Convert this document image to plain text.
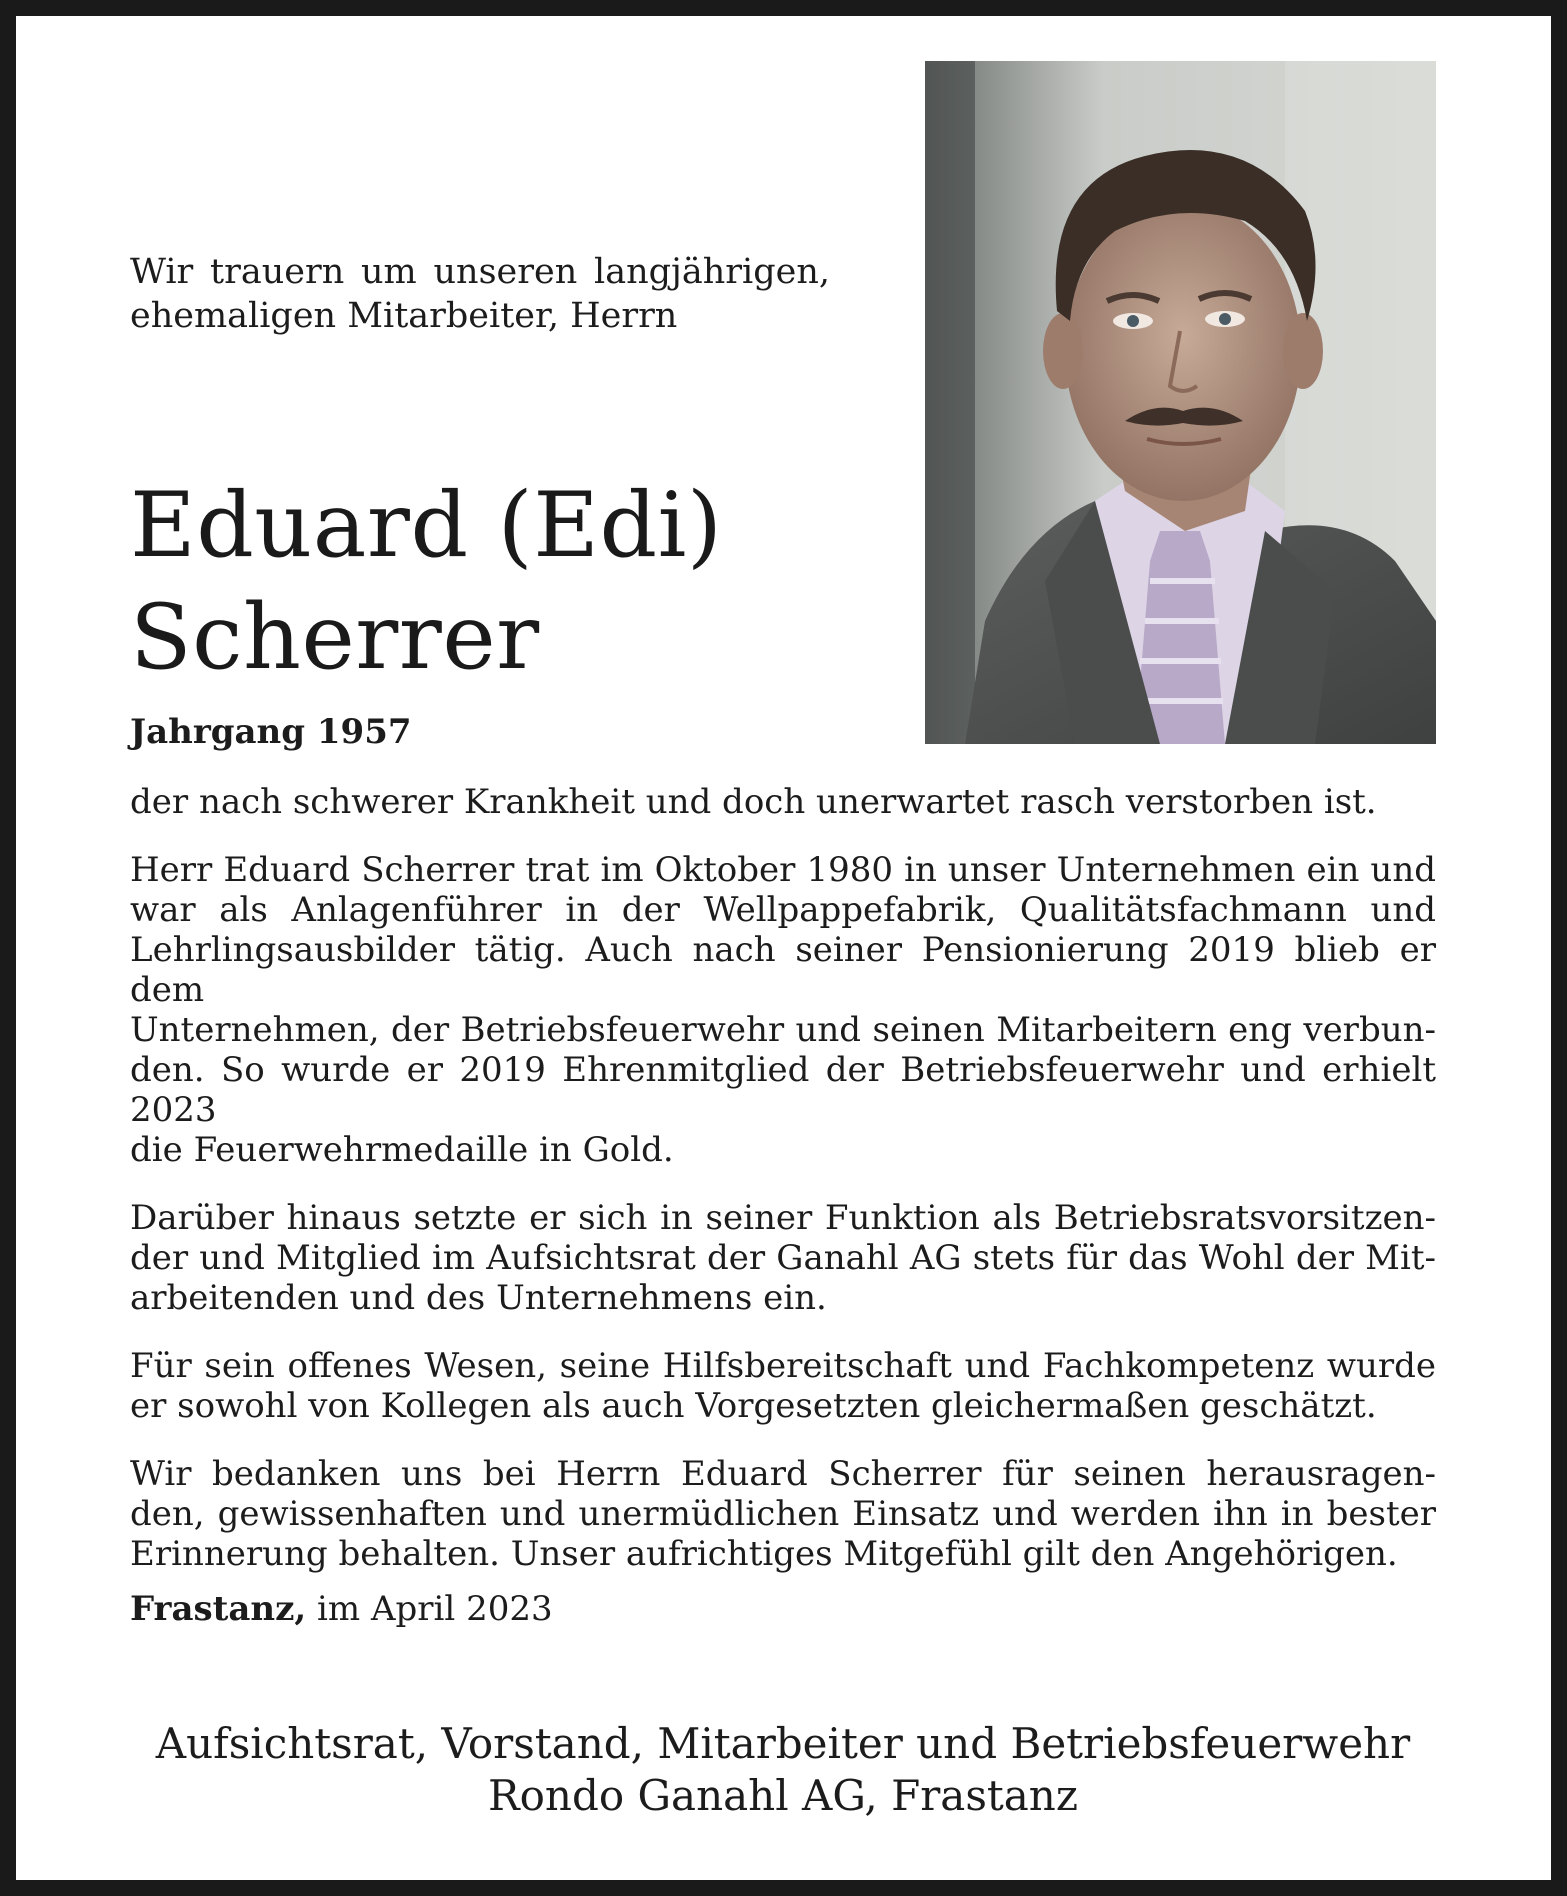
Wir trauern um unseren langjährigen,
ehemaligen Mitarbeiter, Herrn
Eduard (Edi)
Scherrer
Jahrgang 1957

der nach schwerer Krankheit und doch unerwartet rasch verstorben ist.

Herr Eduard Scherrer trat im Oktober 1980 in unser Unternehmen ein und
war als Anlagenführer in der Wellpappefabrik, Qualitätsfachmann und
Lehrlingsausbilder tätig. Auch nach seiner Pensionierung 2019 blieb er dem
Unternehmen, der Betriebsfeuerwehr und seinen Mitarbeitern eng verbun-
den. So wurde er 2019 Ehrenmitglied der Betriebsfeuerwehr und erhielt 2023
die Feuerwehrmedaille in Gold.

Darüber hinaus setzte er sich in seiner Funktion als Betriebsratsvorsitzen-
der und Mitglied im Aufsichtsrat der Ganahl AG stets für das Wohl der Mit-
arbeitenden und des Unternehmens ein.

Für sein offenes Wesen, seine Hilfsbereitschaft und Fachkompetenz wurde
er sowohl von Kollegen als auch Vorgesetzten gleichermaßen geschätzt.

Wir bedanken uns bei Herrn Eduard Scherrer für seinen herausragen-
den, gewissenhaften und unermüdlichen Einsatz und werden ihn in bester
Erinnerung behalten. Unser aufrichtiges Mitgefühl gilt den Angehörigen.

Frastanz, im April 2023
Aufsichtsrat, Vorstand, Mitarbeiter und Betriebsfeuerwehr
Rondo Ganahl AG, Frastanz
